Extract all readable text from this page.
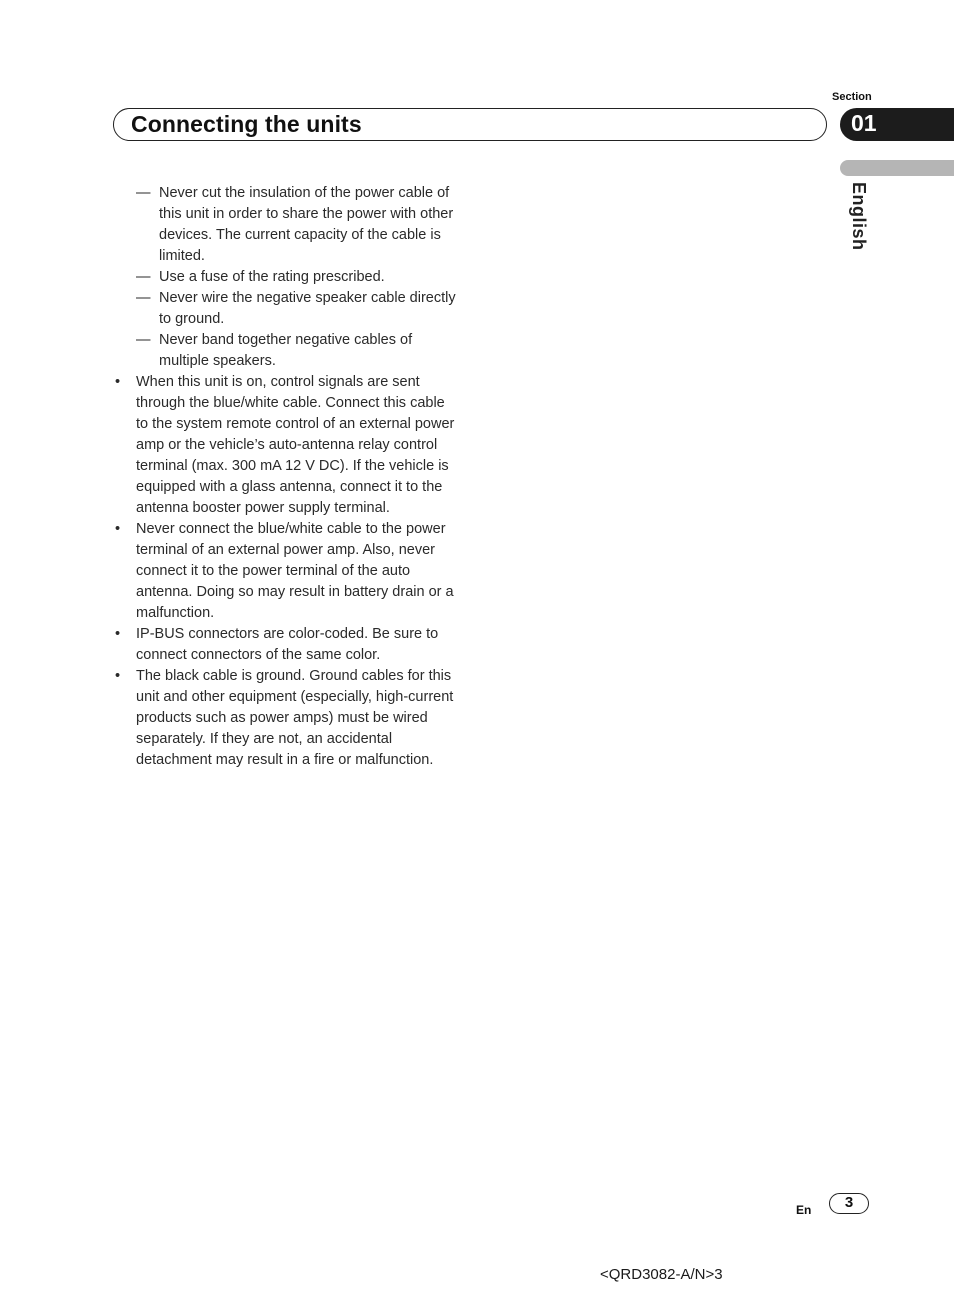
Section
Connecting the units	01
English
— Never cut the insulation of the power cable of this unit in order to share the power with other devices. The current capacity of the cable is limited.
— Use a fuse of the rating prescribed.
— Never wire the negative speaker cable directly to ground.
— Never band together negative cables of multiple speakers.
• When this unit is on, control signals are sent through the blue/white cable. Connect this cable to the system remote control of an external power amp or the vehicle’s auto-antenna relay control terminal (max. 300 mA 12 V DC). If the vehicle is equipped with a glass antenna, connect it to the antenna booster power supply terminal.
• Never connect the blue/white cable to the power terminal of an external power amp. Also, never connect it to the power terminal of the auto antenna. Doing so may result in battery drain or a malfunction.
• IP-BUS connectors are color-coded. Be sure to connect connectors of the same color.
• The black cable is ground. Ground cables for this unit and other equipment (especially, high-current products such as power amps) must be wired separately. If they are not, an accidental detachment may result in a fire or malfunction.
En	3
<QRD3082-A/N>3
